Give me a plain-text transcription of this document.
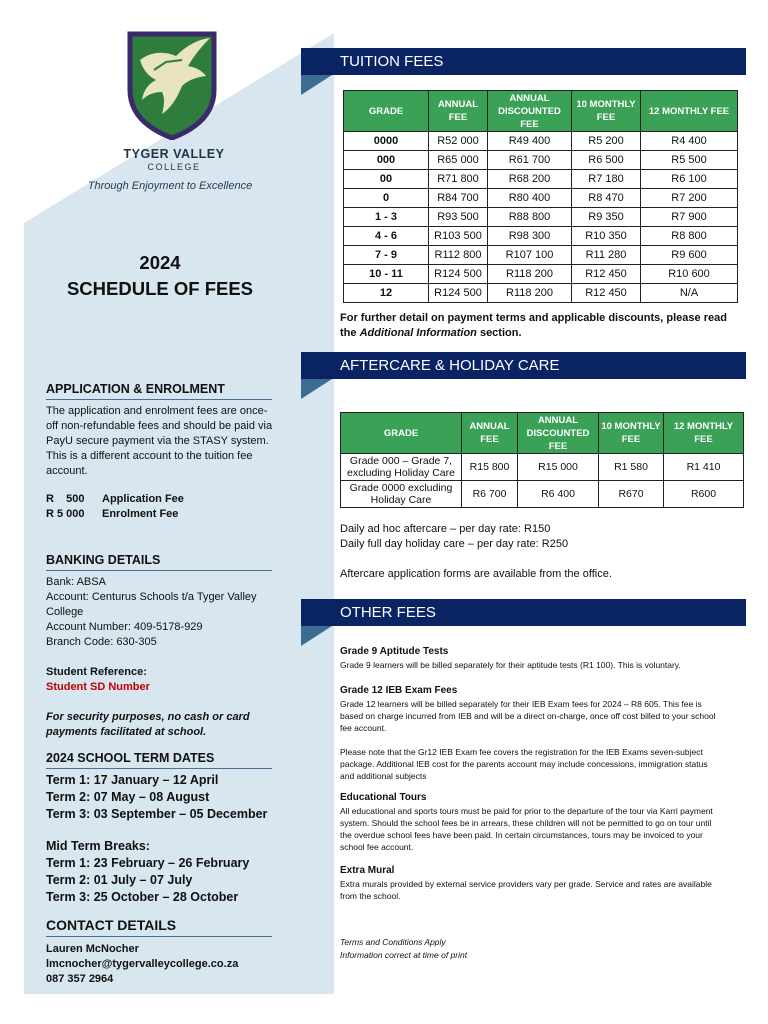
TYGER VALLEY
COLLEGE
Through Enjoyment to Excellence
2024
SCHEDULE OF FEES
APPLICATION & ENROLMENT
The application and enrolment fees are once-off non-refundable fees and should be paid via PayU secure payment via the STASY system. This is a different account to the tuition fee account.
R    500	Application Fee
R 5 000	Enrolment Fee
BANKING DETAILS
Bank: ABSA
Account: Centurus Schools t/a Tyger Valley College
Account Number: 409-5178-929
Branch Code: 630-305
Student Reference:
Student SD Number
For security purposes, no cash or card payments facilitated at school.
2024 SCHOOL TERM DATES
Term 1: 17 January – 12 April
Term 2: 07 May – 08 August
Term 3: 03 September – 05 December
Mid Term Breaks:
Term 1: 23 February – 26 February
Term 2: 01 July – 07 July
Term 3: 25 October – 28 October
CONTACT DETAILS
Lauren McNocher
lmcnocher@tygervalleycollege.co.za
087 357 2964
TUITION FEES
GRADE	ANNUAL FEE	ANNUAL DISCOUNTED FEE	10 MONTHLY FEE	12 MONTHLY FEE
0000	R52 000	R49 400	R5 200	R4 400
000	R65 000	R61 700	R6 500	R5 500
00	R71 800	R68 200	R7 180	R6 100
0	R84 700	R80 400	R8 470	R7 200
1 - 3	R93 500	R88 800	R9 350	R7 900
4 - 6	R103 500	R98 300	R10 350	R8 800
7 - 9	R112 800	R107 100	R11 280	R9 600
10 - 11	R124 500	R118 200	R12 450	R10 600
12	R124 500	R118 200	R12 450	N/A
For further detail on payment terms and applicable discounts, please read the Additional Information section.
AFTERCARE & HOLIDAY CARE
GRADE	ANNUAL FEE	ANNUAL DISCOUNTED FEE	10 MONTHLY FEE	12 MONTHLY FEE
Grade 000 – Grade 7, excluding Holiday Care	R15 800	R15 000	R1 580	R1 410
Grade 0000 excluding Holiday Care	R6 700	R6 400	R670	R600
Daily ad hoc aftercare – per day rate: R150
Daily full day holiday care – per day rate: R250
Aftercare application forms are available from the office.
OTHER FEES
Grade 9 Aptitude Tests
Grade 9 learners will be billed separately for their aptitude tests (R1 100). This is voluntary.
Grade 12 IEB Exam Fees
Grade 12 learners will be billed separately for their IEB Exam fees for 2024 – R8 605. This fee is based on charge incurred from IEB and will be a direct on-charge, once off cost billed to your school fee account.
Please note that the Gr12 IEB Exam fee covers the registration for the IEB Exams seven-subject package. Additional IEB cost for the parents account may include concessions, immigration status and additional subjects
Educational Tours
All educational and sports tours must be paid for prior to the departure of the tour via Karri payment system. Should the school fees be in arrears, these children will not be permitted to go on tour until the overdue school fees have been paid. In certain circumstances, tours may be invoiced to your school fee account.
Extra Mural
Extra murals provided by external service providers vary per grade. Service and rates are available from the school.
Terms and Conditions Apply
Information correct at time of print
